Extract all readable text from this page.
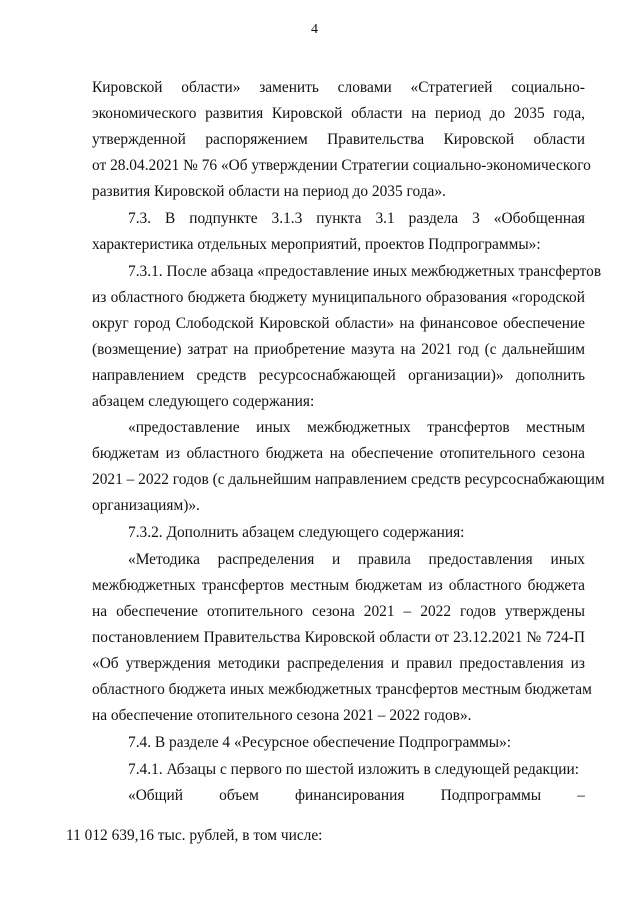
4
Кировской области» заменить словами «Стратегией социально-
экономического развития Кировской области на период до 2035 года,
утвержденной распоряжением Правительства Кировской области
от 28.04.2021 № 76 «Об утверждении Стратегии социально-экономического
развития Кировской области на период до 2035 года».
7.3. В подпункте 3.1.3 пункта 3.1 раздела 3 «Обобщенная
характеристика отдельных мероприятий, проектов Подпрограммы»:
7.3.1. После абзаца «предоставление иных межбюджетных трансфертов
из областного бюджета бюджету муниципального образования «городской
округ город Слободской Кировской области» на финансовое обеспечение
(возмещение) затрат на приобретение мазута на 2021 год (с дальнейшим
направлением средств ресурсоснабжающей организации)» дополнить
абзацем следующего содержания:
«предоставление иных межбюджетных трансфертов местным
бюджетам из областного бюджета на обеспечение отопительного сезона
2021 – 2022 годов (с дальнейшим направлением средств ресурсоснабжающим
организациям)».
7.3.2. Дополнить абзацем следующего содержания:
«Методика распределения и правила предоставления иных
межбюджетных трансфертов местным бюджетам из областного бюджета
на обеспечение отопительного сезона 2021 – 2022 годов утверждены
постановлением Правительства Кировской области от 23.12.2021 № 724-П
«Об утверждения методики распределения и правил предоставления из
областного бюджета иных межбюджетных трансфертов местным бюджетам
на обеспечение отопительного сезона 2021 – 2022 годов».
7.4. В разделе 4 «Ресурсное обеспечение Подпрограммы»:
7.4.1. Абзацы с первого по шестой изложить в следующей редакции:
«Общий объем финансирования Подпрограммы –
11 012 639,16 тыс. рублей, в том числе:
